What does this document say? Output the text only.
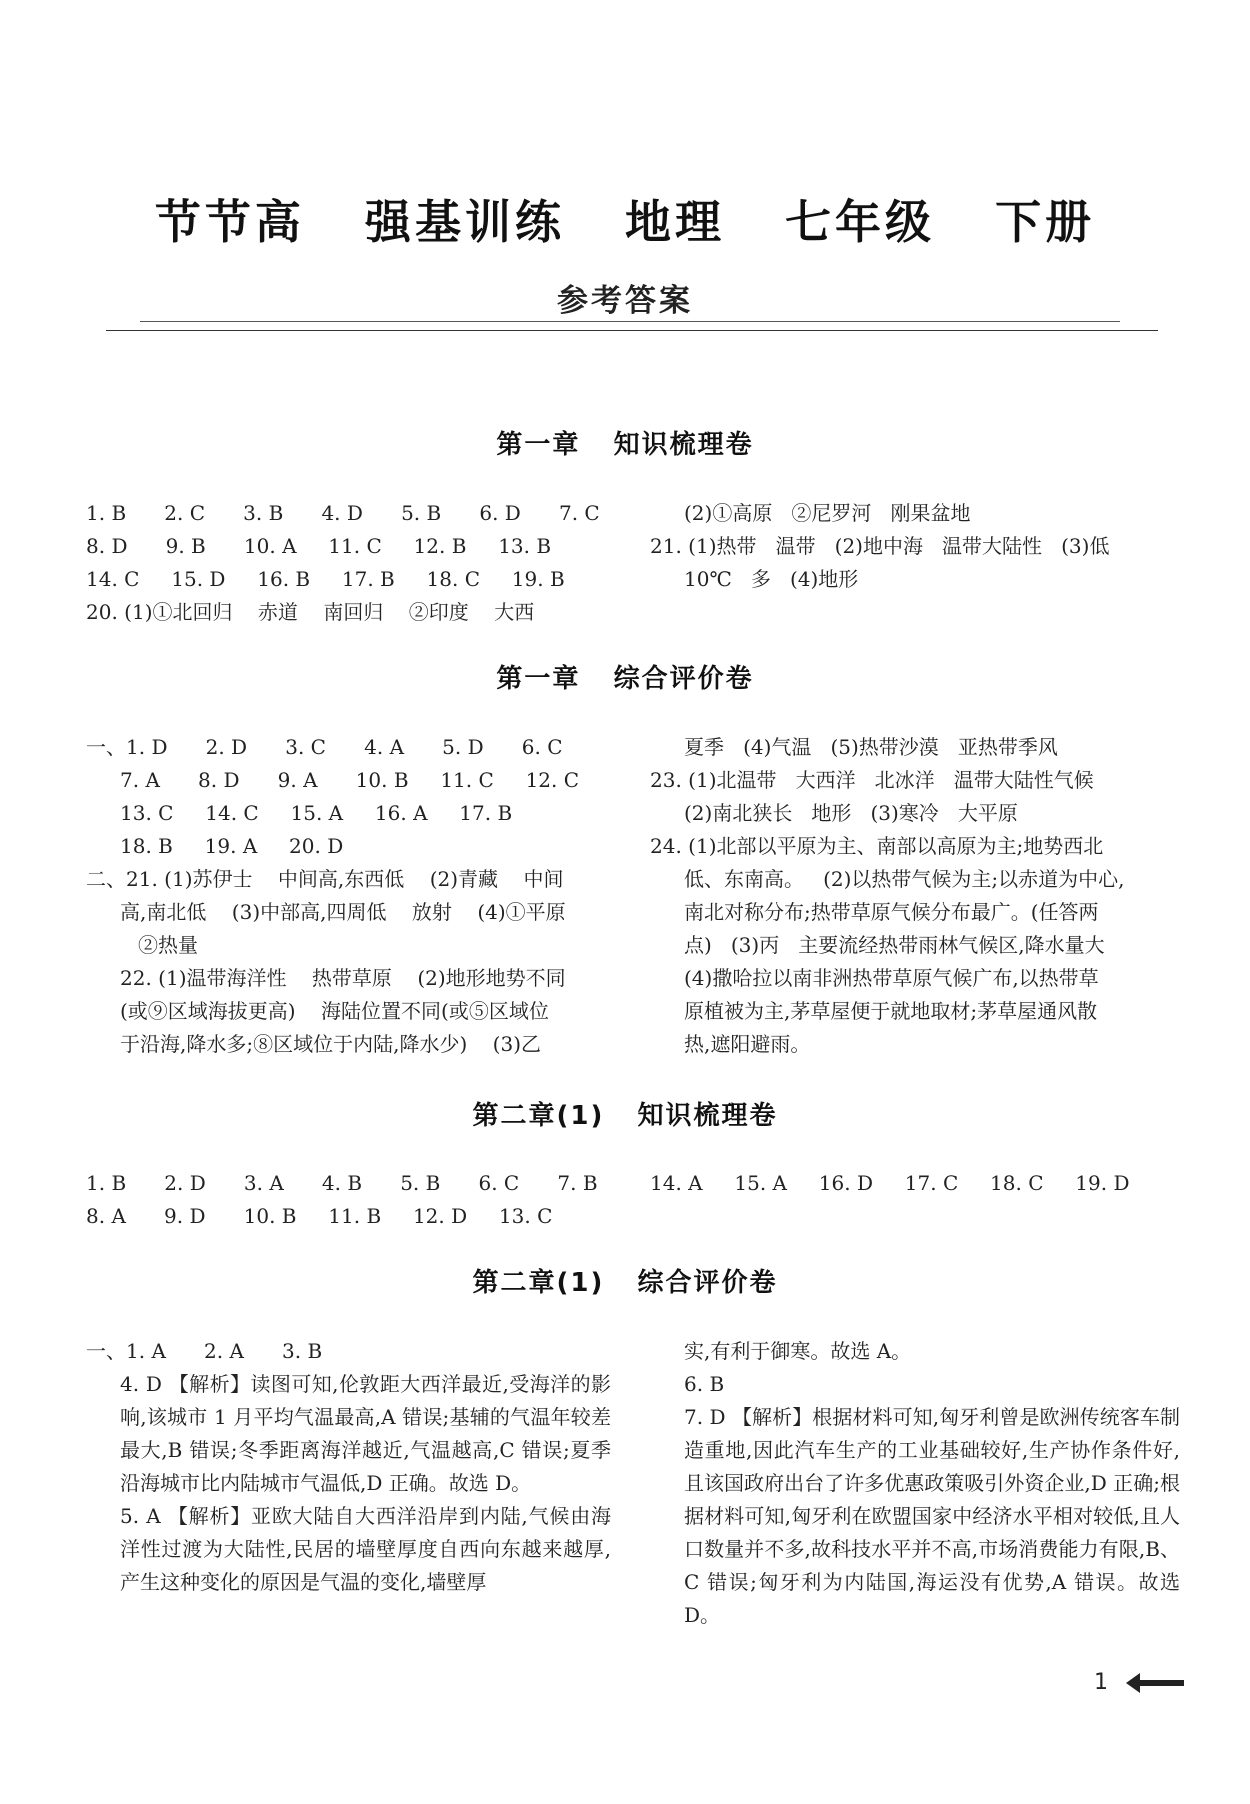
节节高   强基训练   地理   七年级   下册
参考答案
第一章   知识梳理卷
1. B      2. C      3. B      4. D      5. B      6. D      7. C
8. D      9. B      10. A     11. C     12. B     13. B
14. C     15. D     16. B     17. B     18. C     19. B
20. (1)①北回归    赤道    南回归    ②印度    大西
(2)①高原   ②尼罗河   刚果盆地
21. (1)热带   温带   (2)地中海   温带大陆性   (3)低
10℃   多   (4)地形
第一章   综合评价卷
一、1. D      2. D      3. C      4. A      5. D      6. C
7. A      8. D      9. A      10. B     11. C     12. C
13. C     14. C     15. A     16. A     17. B
18. B     19. A     20. D
二、21. (1)苏伊士    中间高,东西低    (2)青藏    中间
高,南北低    (3)中部高,四周低    放射    (4)①平原
②热量
22. (1)温带海洋性    热带草原    (2)地形地势不同
(或⑨区域海拔更高)    海陆位置不同(或⑤区域位
于沿海,降水多;⑧区域位于内陆,降水少)    (3)乙
夏季   (4)气温   (5)热带沙漠   亚热带季风
23. (1)北温带   大西洋   北冰洋   温带大陆性气候
(2)南北狭长   地形   (3)寒冷   大平原
24. (1)北部以平原为主、南部以高原为主;地势西北
低、东南高。   (2)以热带气候为主;以赤道为中心,
南北对称分布;热带草原气候分布最广。(任答两
点)   (3)丙   主要流经热带雨林气候区,降水量大
(4)撒哈拉以南非洲热带草原气候广布,以热带草
原植被为主,茅草屋便于就地取材;茅草屋通风散
热,遮阳避雨。
第二章(1)   知识梳理卷
1. B      2. D      3. A      4. B      5. B      6. C      7. B
8. A      9. D      10. B     11. B     12. D     13. C
14. A     15. A     16. D     17. C     18. C     19. D
第二章(1)   综合评价卷
一、1. A      2. A      3. B
4. D 【解析】读图可知,伦敦距大西洋最近,受海洋的影响,该城市 1 月平均气温最高,A 错误;基辅的气温年较差最大,B 错误;冬季距离海洋越近,气温越高,C 错误;夏季沿海城市比内陆城市气温低,D 正确。故选 D。
5. A 【解析】亚欧大陆自大西洋沿岸到内陆,气候由海洋性过渡为大陆性,民居的墙壁厚度自西向东越来越厚,产生这种变化的原因是气温的变化,墙壁厚
实,有利于御寒。故选 A。
6. B
7. D 【解析】根据材料可知,匈牙利曾是欧洲传统客车制造重地,因此汽车生产的工业基础较好,生产协作条件好,且该国政府出台了许多优惠政策吸引外资企业,D 正确;根据材料可知,匈牙利在欧盟国家中经济水平相对较低,且人口数量并不多,故科技水平并不高,市场消费能力有限,B、C 错误;匈牙利为内陆国,海运没有优势,A 错误。故选 D。
1
